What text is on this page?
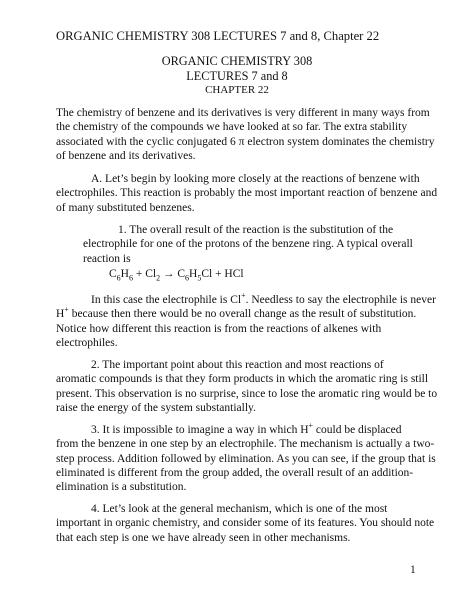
ORGANIC CHEMISTRY 308 LECTURES 7 and 8, Chapter 22
ORGANIC CHEMISTRY 308
LECTURES 7 and 8
CHAPTER 22
The chemistry of benzene and its derivatives is very different in many ways from
the chemistry of the compounds we have looked at so far. The extra stability
associated with the cyclic conjugated 6 π electron system dominates the chemistry
of benzene and its derivatives.
A. Let’s begin by looking more closely at the reactions of benzene with
electrophiles. This reaction is probably the most important reaction of benzene and
of many substituted benzenes.
1. The overall result of the reaction is the substitution of the
electrophile for one of the protons of the benzene ring. A typical overall
reaction is
$C_6H_6 + Cl_2 \to C_6H_5Cl$ + HCl
In this case the electrophile is Cl+. Needless to say the electrophile is never
H+ because then there would be no overall change as the result of substitution.
Notice how different this reaction is from the reactions of alkenes with
electrophiles.
2. The important point about this reaction and most reactions of
aromatic compounds is that they form products in which the aromatic ring is still
present. This observation is no surprise, since to lose the aromatic ring would be to
raise the energy of the system substantially.
3. It is impossible to imagine a way in which H+ could be displaced
from the benzene in one step by an electrophile. The mechanism is actually a two-
step process. Addition followed by elimination. As you can see, if the group that is
eliminated is different from the group added, the overall result of an addition-
elimination is a substitution.
4. Let’s look at the general mechanism, which is one of the most
important in organic chemistry, and consider some of its features. You should note
that each step is one we have already seen in other mechanisms.
1
